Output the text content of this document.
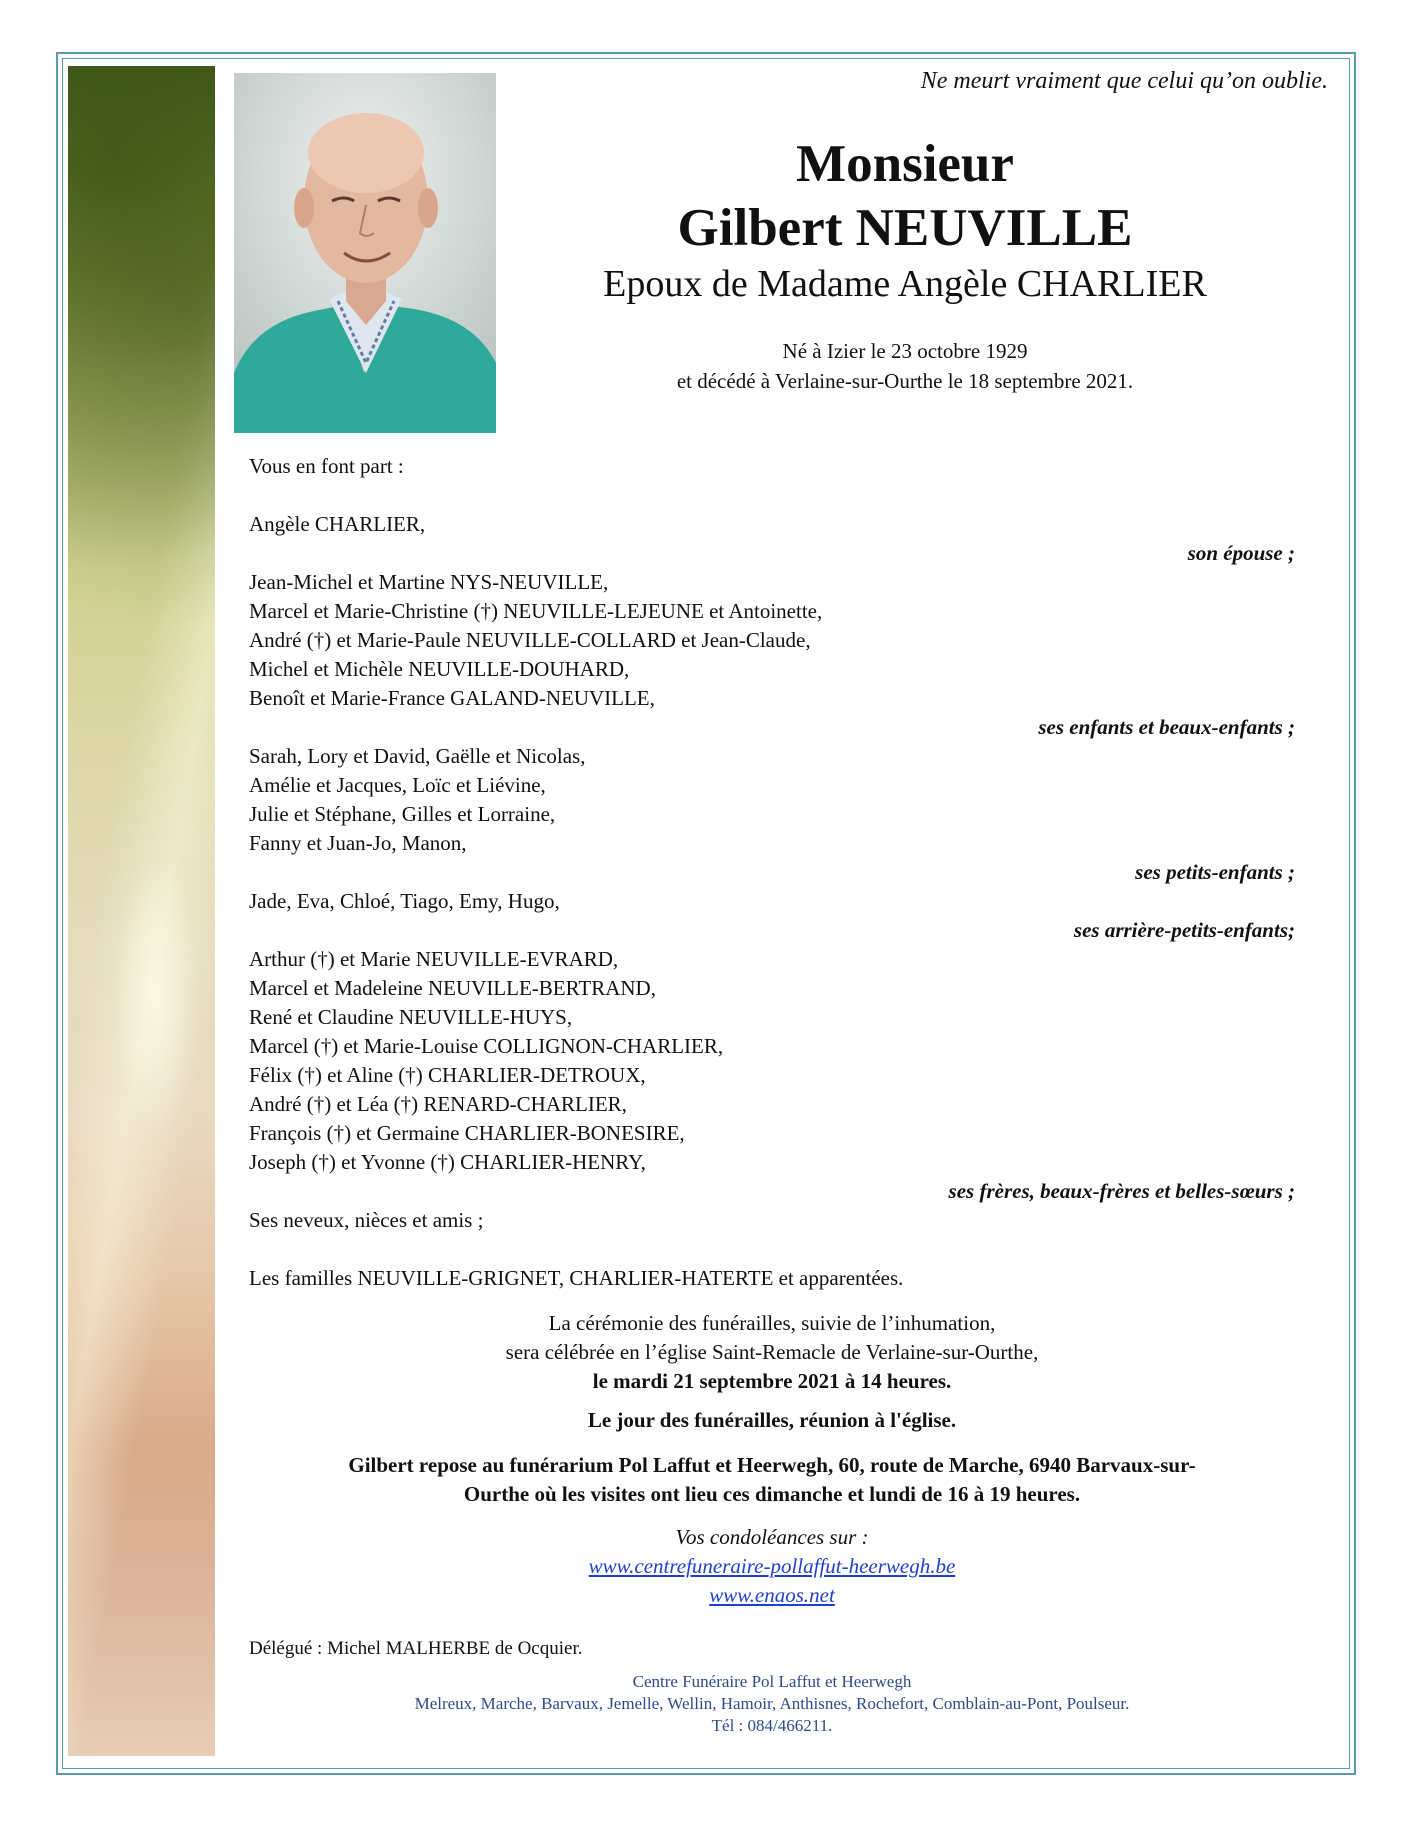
Ne meurt vraiment que celui qu’on oublie.
Monsieur
Gilbert NEUVILLE
Epoux de Madame Angèle CHARLIER
Né à Izier le 23 octobre 1929
et décédé à Verlaine-sur-Ourthe le 18 septembre 2021.
Vous en font part :
Angèle CHARLIER,
son épouse ;
Jean-Michel et Martine NYS-NEUVILLE,
Marcel et Marie-Christine (†) NEUVILLE-LEJEUNE et Antoinette,
André (†) et Marie-Paule NEUVILLE-COLLARD et Jean-Claude,
Michel et Michèle NEUVILLE-DOUHARD,
Benoît et Marie-France GALAND-NEUVILLE,
ses enfants et beaux-enfants ;
Sarah, Lory et David, Gaëlle et Nicolas,
Amélie et Jacques, Loïc et Liévine,
Julie et Stéphane, Gilles et Lorraine,
Fanny et Juan-Jo, Manon,
ses petits-enfants ;
Jade, Eva, Chloé, Tiago, Emy, Hugo,
ses arrière-petits-enfants;
Arthur (†) et Marie NEUVILLE-EVRARD,
Marcel et Madeleine NEUVILLE-BERTRAND,
René et Claudine NEUVILLE-HUYS,
Marcel (†) et Marie-Louise COLLIGNON-CHARLIER,
Félix (†) et Aline (†) CHARLIER-DETROUX,
André (†) et Léa (†) RENARD-CHARLIER,
François (†) et Germaine CHARLIER-BONESIRE,
Joseph (†) et Yvonne (†) CHARLIER-HENRY,
ses frères, beaux-frères et belles-sœurs ;
Ses neveux, nièces et amis ;
Les familles NEUVILLE-GRIGNET, CHARLIER-HATERTE et apparentées.
La cérémonie des funérailles, suivie de l’inhumation,
sera célébrée en l’église Saint-Remacle de Verlaine-sur-Ourthe,
le mardi 21 septembre 2021 à 14 heures.
Le jour des funérailles, réunion à l'église.
Gilbert repose au funérarium Pol Laffut et Heerwegh, 60, route de Marche, 6940 Barvaux-sur-
Ourthe où les visites ont lieu ces dimanche et lundi de 16 à 19 heures.
Vos condoléances sur :
www.centrefuneraire-pollaffut-heerwegh.be
www.enaos.net
Délégué : Michel MALHERBE de Ocquier.
Centre Funéraire Pol Laffut et Heerwegh
Melreux, Marche, Barvaux, Jemelle, Wellin, Hamoir, Anthisnes, Rochefort, Comblain-au-Pont, Poulseur.
Tél : 084/466211.
